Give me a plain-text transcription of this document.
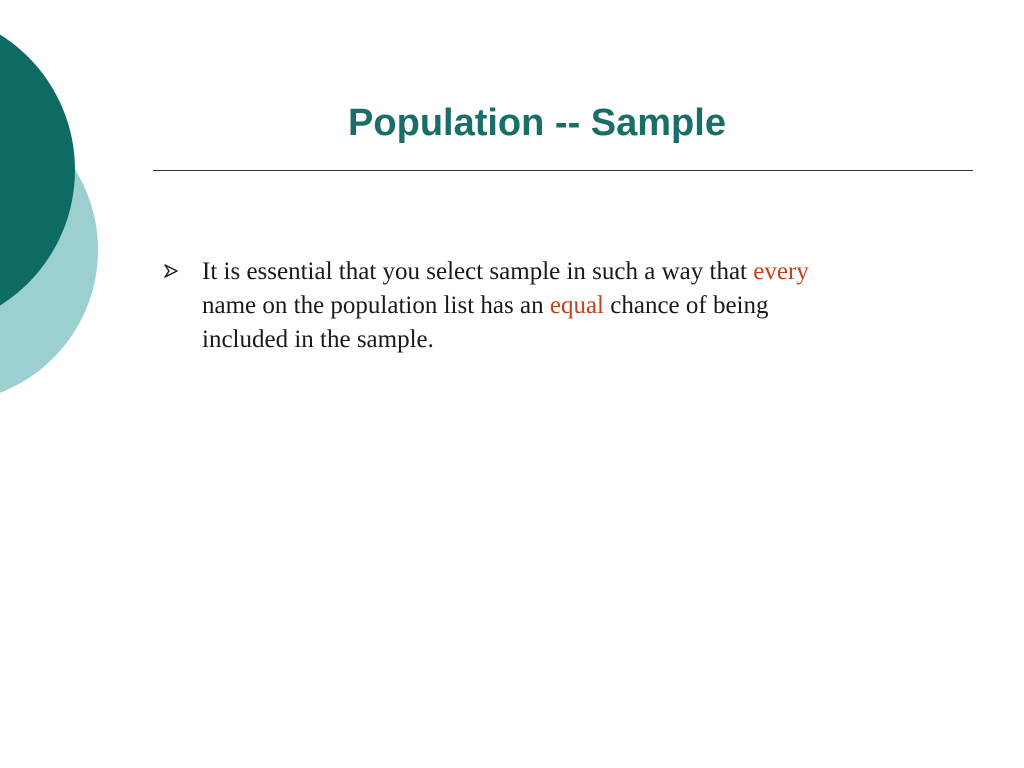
Population -- Sample
It is essential that you select sample in such a way that every name on the population list has an equal chance of being included in the sample.
